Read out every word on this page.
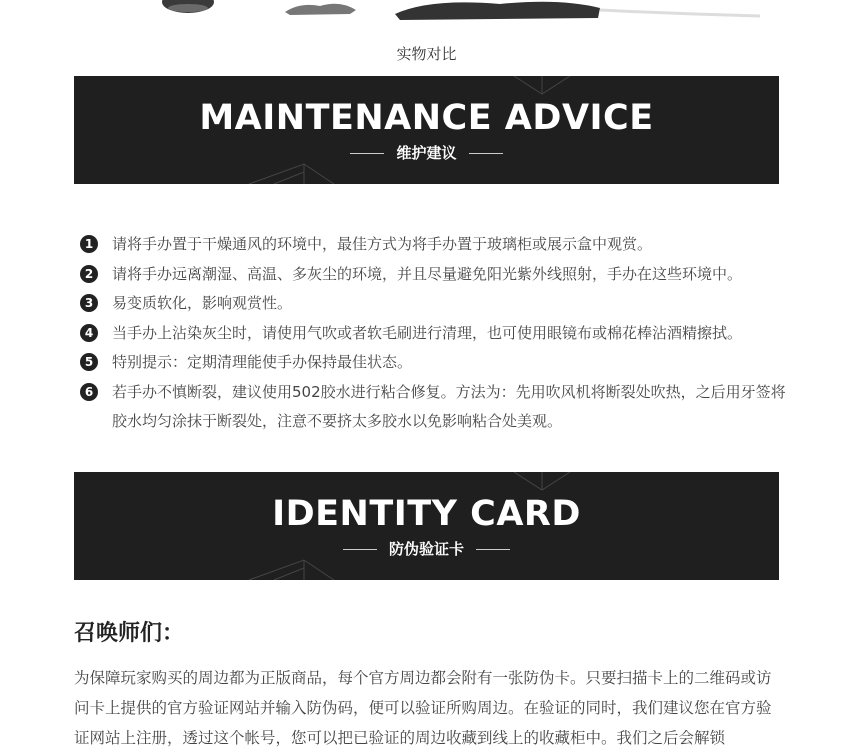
实物对比
MAINTENANCE ADVICE
维护建议
1	请将手办置于干燥通风的环境中，最佳方式为将手办置于玻璃柜或展示盒中观赏。
2	请将手办远离潮湿、高温、多灰尘的环境，并且尽量避免阳光紫外线照射，手办在这些环境中。
3	易变质软化，影响观赏性。
4	当手办上沾染灰尘时，请使用气吹或者软毛刷进行清理，也可使用眼镜布或棉花棒沾酒精擦拭。
5	特别提示：定期清理能使手办保持最佳状态。
6	若手办不慎断裂，建议使用502胶水进行粘合修复。方法为：先用吹风机将断裂处吹热，之后用牙签将胶水均匀涂抹于断裂处，注意不要挤太多胶水以免影响粘合处美观。
IDENTITY CARD
防伪验证卡
召唤师们：
为保障玩家购买的周边都为正版商品，每个官方周边都会附有一张防伪卡。只要扫描卡上的二维码或访问卡上提供的官方验证网站并输入防伪码，便可以验证所购周边。在验证的同时，我们建议您在官方验证网站上注册，透过这个帐号，您可以把已验证的周边收藏到线上的收藏柜中。我们之后会解锁
